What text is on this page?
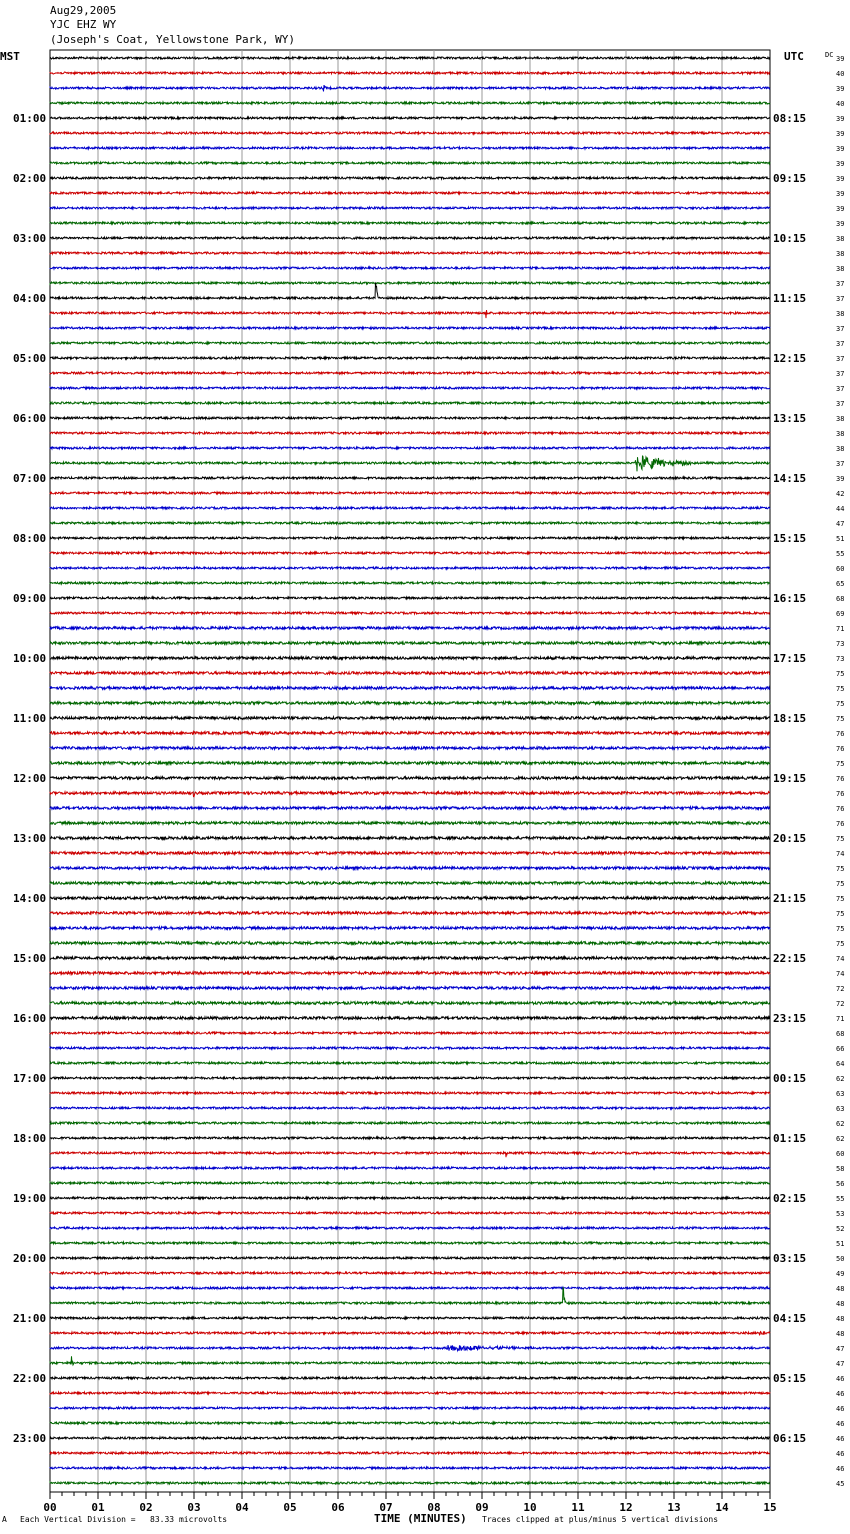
Aug29,2005
YJC EHZ WY
(Joseph's Coat, Yellowstone Park, WY)
MST	UTC	DC
01:00
02:00
03:00
04:00
05:00
06:00
07:00
08:00
09:00
10:00
11:00
12:00
13:00
14:00
15:00
16:00
17:00
18:00
19:00
20:00
21:00
22:00
23:00
08:15
09:15
10:15
11:15
12:15
13:15
14:15
15:15
16:15
17:15
18:15
19:15
20:15
21:15
22:15
23:15
00:15
01:15
02:15
03:15
04:15
05:15
06:15
39
40
39
40
39
39
39
39
39
39
39
39
38
38
38
37
37
38
37
37
37
37
37
37
38
38
38
37
39
42
44
47
51
55
60
65
68
69
71
73
73
75
75
75
75
76
76
75
76
76
76
76
75
74
75
75
75
75
75
75
74
74
72
72
71
68
66
64
62
63
63
62
62
60
58
56
55
53
52
51
50
49
48
48
48
48
47
47
46
46
46
46
46
46
46
45
00	01	02	03	04	05	06	07	08	09	10	11	12	13	14	15
A Each Vertical Division =   83.33 microvolts	TIME (MINUTES) Traces clipped at plus/minus 5 vertical divisions
